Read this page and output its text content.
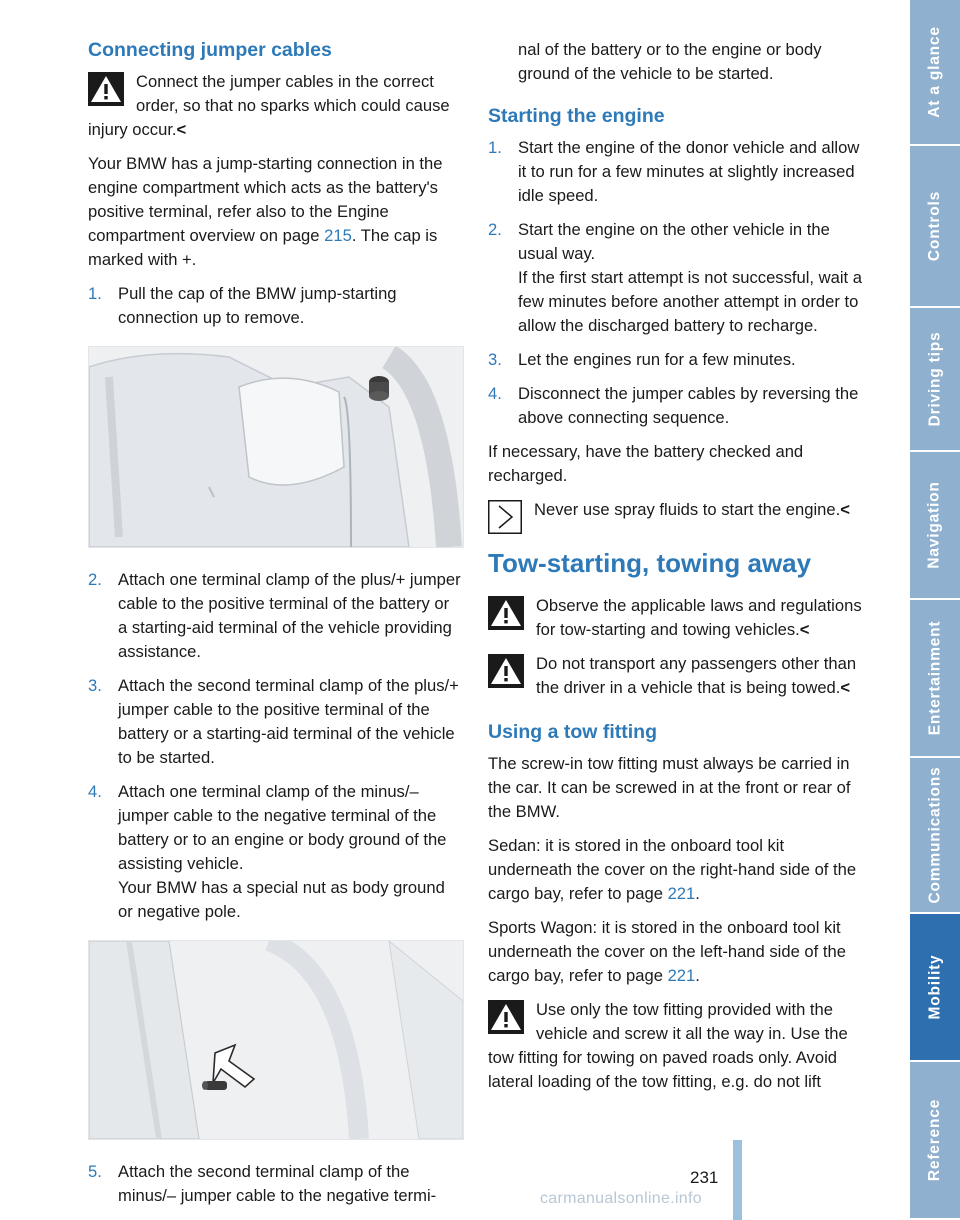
Connecting jumper cables
Connect the jumper cables in the correct order, so that no sparks which could cause injury occur.<

Your BMW has a jump-starting connection in the engine compartment which acts as the battery's positive terminal, refer also to the Engine compartment overview on page 215. The cap is marked with +.

1. Pull the cap of the BMW jump-starting connection up to remove.
2. Attach one terminal clamp of the plus/+ jumper cable to the positive terminal of the battery or a starting-aid terminal of the vehicle providing assistance.
3. Attach the second terminal clamp of the plus/+ jumper cable to the positive terminal of the battery or a starting-aid terminal of the vehicle to be started.
4. Attach one terminal clamp of the minus/– jumper cable to the negative terminal of the battery or to an engine or body ground of the assisting vehicle.
Your BMW has a special nut as body ground or negative pole.
5. Attach the second terminal clamp of the minus/– jumper cable to the negative termi-

nal of the battery or to the engine or body ground of the vehicle to be started.

Starting the engine
1. Start the engine of the donor vehicle and allow it to run for a few minutes at slightly increased idle speed.
2. Start the engine on the other vehicle in the usual way.
If the first start attempt is not successful, wait a few minutes before another attempt in order to allow the discharged battery to recharge.
3. Let the engines run for a few minutes.
4. Disconnect the jumper cables by reversing the above connecting sequence.

If necessary, have the battery checked and recharged.

Never use spray fluids to start the engine.<
Tow-starting, towing away
Observe the applicable laws and regulations for tow-starting and towing vehicles.<
Do not transport any passengers other than the driver in a vehicle that is being towed.<
Using a tow fitting

The screw-in tow fitting must always be carried in the car. It can be screwed in at the front or rear of the BMW.

Sedan: it is stored in the onboard tool kit underneath the cover on the right-hand side of the cargo bay, refer to page 221.

Sports Wagon: it is stored in the onboard tool kit underneath the cover on the left-hand side of the cargo bay, refer to page 221.

Use only the tow fitting provided with the vehicle and screw it all the way in. Use the tow fitting for towing on paved roads only. Avoid lateral loading of the tow fitting, e.g. do not lift
At a glance
Controls
Driving tips
Navigation
Entertainment
Communications
Mobility
Reference
231
carmanualsonline.info
